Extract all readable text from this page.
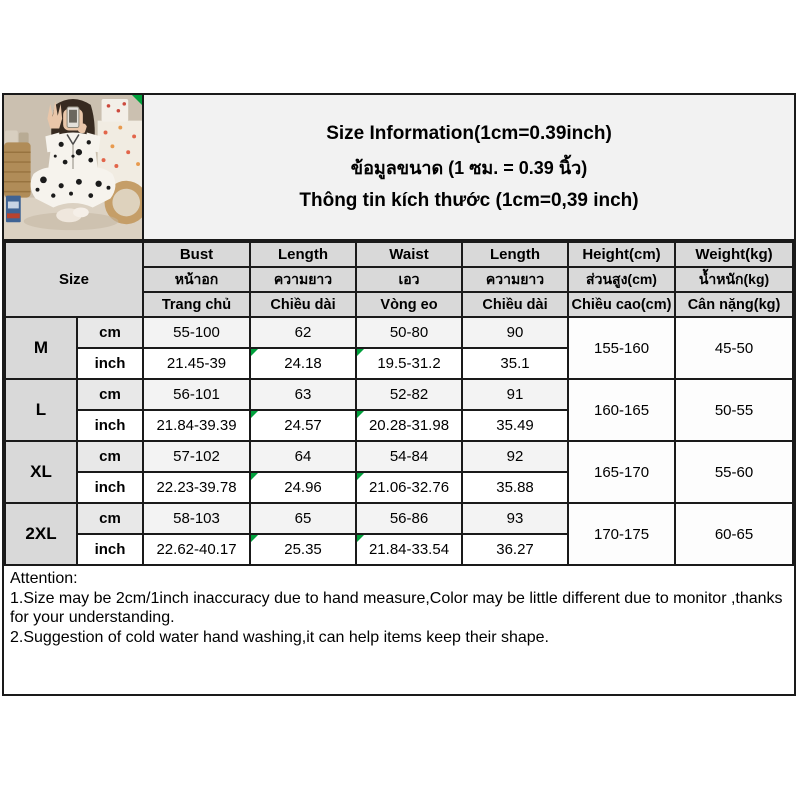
Size Information(1cm=0.39inch)
ข้อมูลขนาด (1 ซม. = 0.39 นิ้ว)
Thông tin kích thước (1cm=0,39 inch)
Size		Bust	Length	Waist	Length	Height(cm)	Weight(kg)
		หน้าอก	ความยาว	เอว	ความยาว	ส่วนสูง(cm)	น้ำหนัก(kg)
		Trang chủ	Chiều dài	Vòng eo	Chiều dài	Chiều cao(cm)	Cân nặng(kg)
M	cm	55-100	62	50-80	90	155-160	45-50
	inch	21.45-39	24.18	19.5-31.2	35.1		
L	cm	56-101	63	52-82	91	160-165	50-55
	inch	21.84-39.39	24.57	20.28-31.98	35.49		
XL	cm	57-102	64	54-84	92	165-170	55-60
	inch	22.23-39.78	24.96	21.06-32.76	35.88		
2XL	cm	58-103	65	56-86	93	170-175	60-65
	inch	22.62-40.17	25.35	21.84-33.54	36.27		
Attention:

1.Size may be 2cm/1inch inaccuracy due to hand measure,Color may be little different due to monitor ,thanks for your understanding.

2.Suggestion of cold water hand washing,it can help items keep their shape.
